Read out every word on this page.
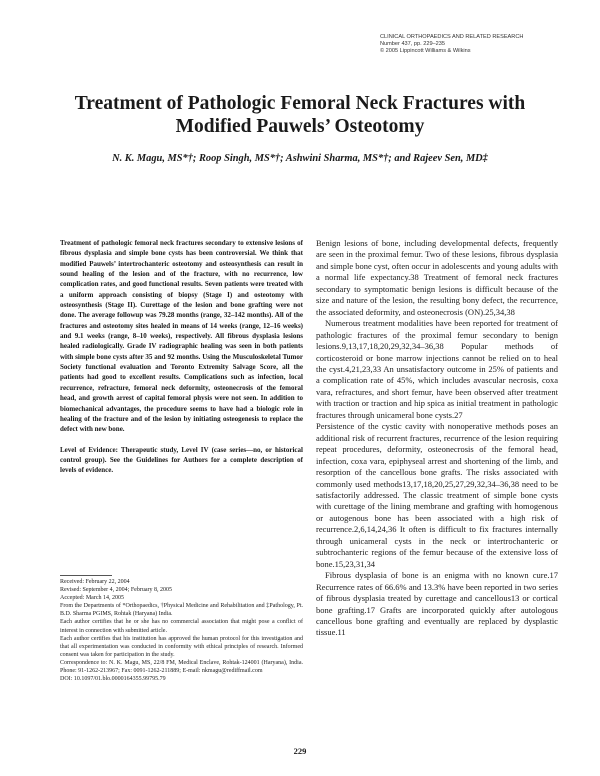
CLINICAL ORTHOPAEDICS AND RELATED RESEARCH
Number 437, pp. 229–235
© 2005 Lippincott Williams & Wilkins
Treatment of Pathologic Femoral Neck Fractures with
Modified Pauwels’ Osteotomy
N. K. Magu, MS*†; Roop Singh, MS*†; Ashwini Sharma, MS*†; and Rajeev Sen, MD‡

Treatment of pathologic femoral neck fractures secondary to extensive lesions of fibrous dysplasia and simple bone cysts has been controversial. We think that modified Pauwels’ intertrochanteric osteotomy and osteosynthesis can result in sound healing of the lesion and of the fracture, with no recurrence, low complication rates, and good functional results. Seven patients were treated with a uniform approach consisting of biopsy (Stage I) and osteotomy with osteosynthesis (Stage II). Curettage of the lesion and bone grafting were not done. The average followup was 79.28 months (range, 32–142 months). All of the fractures and osteotomy sites healed in means of 14 weeks (range, 12–16 weeks) and 9.1 weeks (range, 8–10 weeks), respectively. All fibrous dysplasia lesions healed radiologically. Grade IV radiographic healing was seen in both patients with simple bone cysts after 35 and 92 months. Using the Musculoskeletal Tumor Society functional evaluation and Toronto Extremity Salvage Score, all the patients had good to excellent results. Complications such as infection, local recurrence, refracture, femoral neck deformity, osteonecrosis of the femoral head, and growth arrest of capital femoral physis were not seen. In addition to biomechanical advantages, the procedure seems to have had a biologic role in healing of the fracture and of the lesion by initiating osteogenesis to replace the defect with new bone.

Level of Evidence: Therapeutic study, Level IV (case series—no, or historical control group). See the Guidelines for Authors for a complete description of levels of evidence.

Received: February 22, 2004

Revised: September 4, 2004; February 8, 2005

Accepted: March 14, 2005

From the Departments of *Orthopaedics, †Physical Medicine and Rehabilitation and ‡Pathology, Pt. B.D. Sharma PGIMS, Rohtak (Haryana) India.

Each author certifies that he or she has no commercial association that might pose a conflict of interest in connection with submitted article.

Each author certifies that his institution has approved the human protocol for this investigation and that all experimentation was conducted in conformity with ethical principles of research. Informed consent was taken for participation in the study.

Correspondence to: N. K. Magu, MS, 22/8 FM, Medical Enclave, Rohtak-124001 (Haryana), India. Phone: 91-1262-213967; Fax: 0091-1262-211889; E-mail: nkmagu@rediffmail.com

DOI: 10.1097/01.blo.0000164355.99795.79

Benign lesions of bone, including developmental defects, frequently are seen in the proximal femur. Two of these lesions, fibrous dysplasia and simple bone cyst, often occur in adolescents and young adults with a normal life expectancy.38 Treatment of femoral neck fractures secondary to symptomatic benign lesions is difficult because of the size and nature of the lesion, the resulting bony defect, the recurrence, the associated deformity, and osteonecrosis (ON).25,34,38

Numerous treatment modalities have been reported for treatment of pathologic fractures of the proximal femur secondary to benign lesions.9,13,17,18,20,29,32,34–36,38 Popular methods of corticosteroid or bone marrow injections cannot be relied on to heal the cyst.4,21,23,33 An unsatisfactory outcome in 25% of patients and a complication rate of 45%, which includes avascular necrosis, coxa vara, refractures, and short femur, have been observed after treatment with traction or traction and hip spica as initial treatment in pathologic fractures through unicameral bone cysts.27

Persistence of the cystic cavity with nonoperative methods poses an additional risk of recurrent fractures, recurrence of the lesion requiring repeat procedures, deformity, osteonecrosis of the femoral head, infection, coxa vara, epiphyseal arrest and shortening of the limb, and resorption of the cancellous bone grafts. The risks associated with commonly used methods13,17,18,20,25,27,29,32,34–36,38 need to be satisfactorily addressed. The classic treatment of simple bone cysts with curettage of the lining membrane and grafting with homogenous or autogenous bone has been associated with a high risk of recurrence.2,6,14,24,36 It often is difficult to fix fractures internally through unicameral cysts in the neck or intertrochanteric or subtrochanteric regions of the femur because of the extensive loss of bone.15,23,31,34

Fibrous dysplasia of bone is an enigma with no known cure.17 Recurrence rates of 66.6% and 13.3% have been reported in two series of fibrous dysplasia treated by curettage and cancellous13 or cortical bone grafting.17 Grafts are incorporated quickly after autologous cancellous bone grafting and eventually are replaced by dysplastic tissue.11

229
